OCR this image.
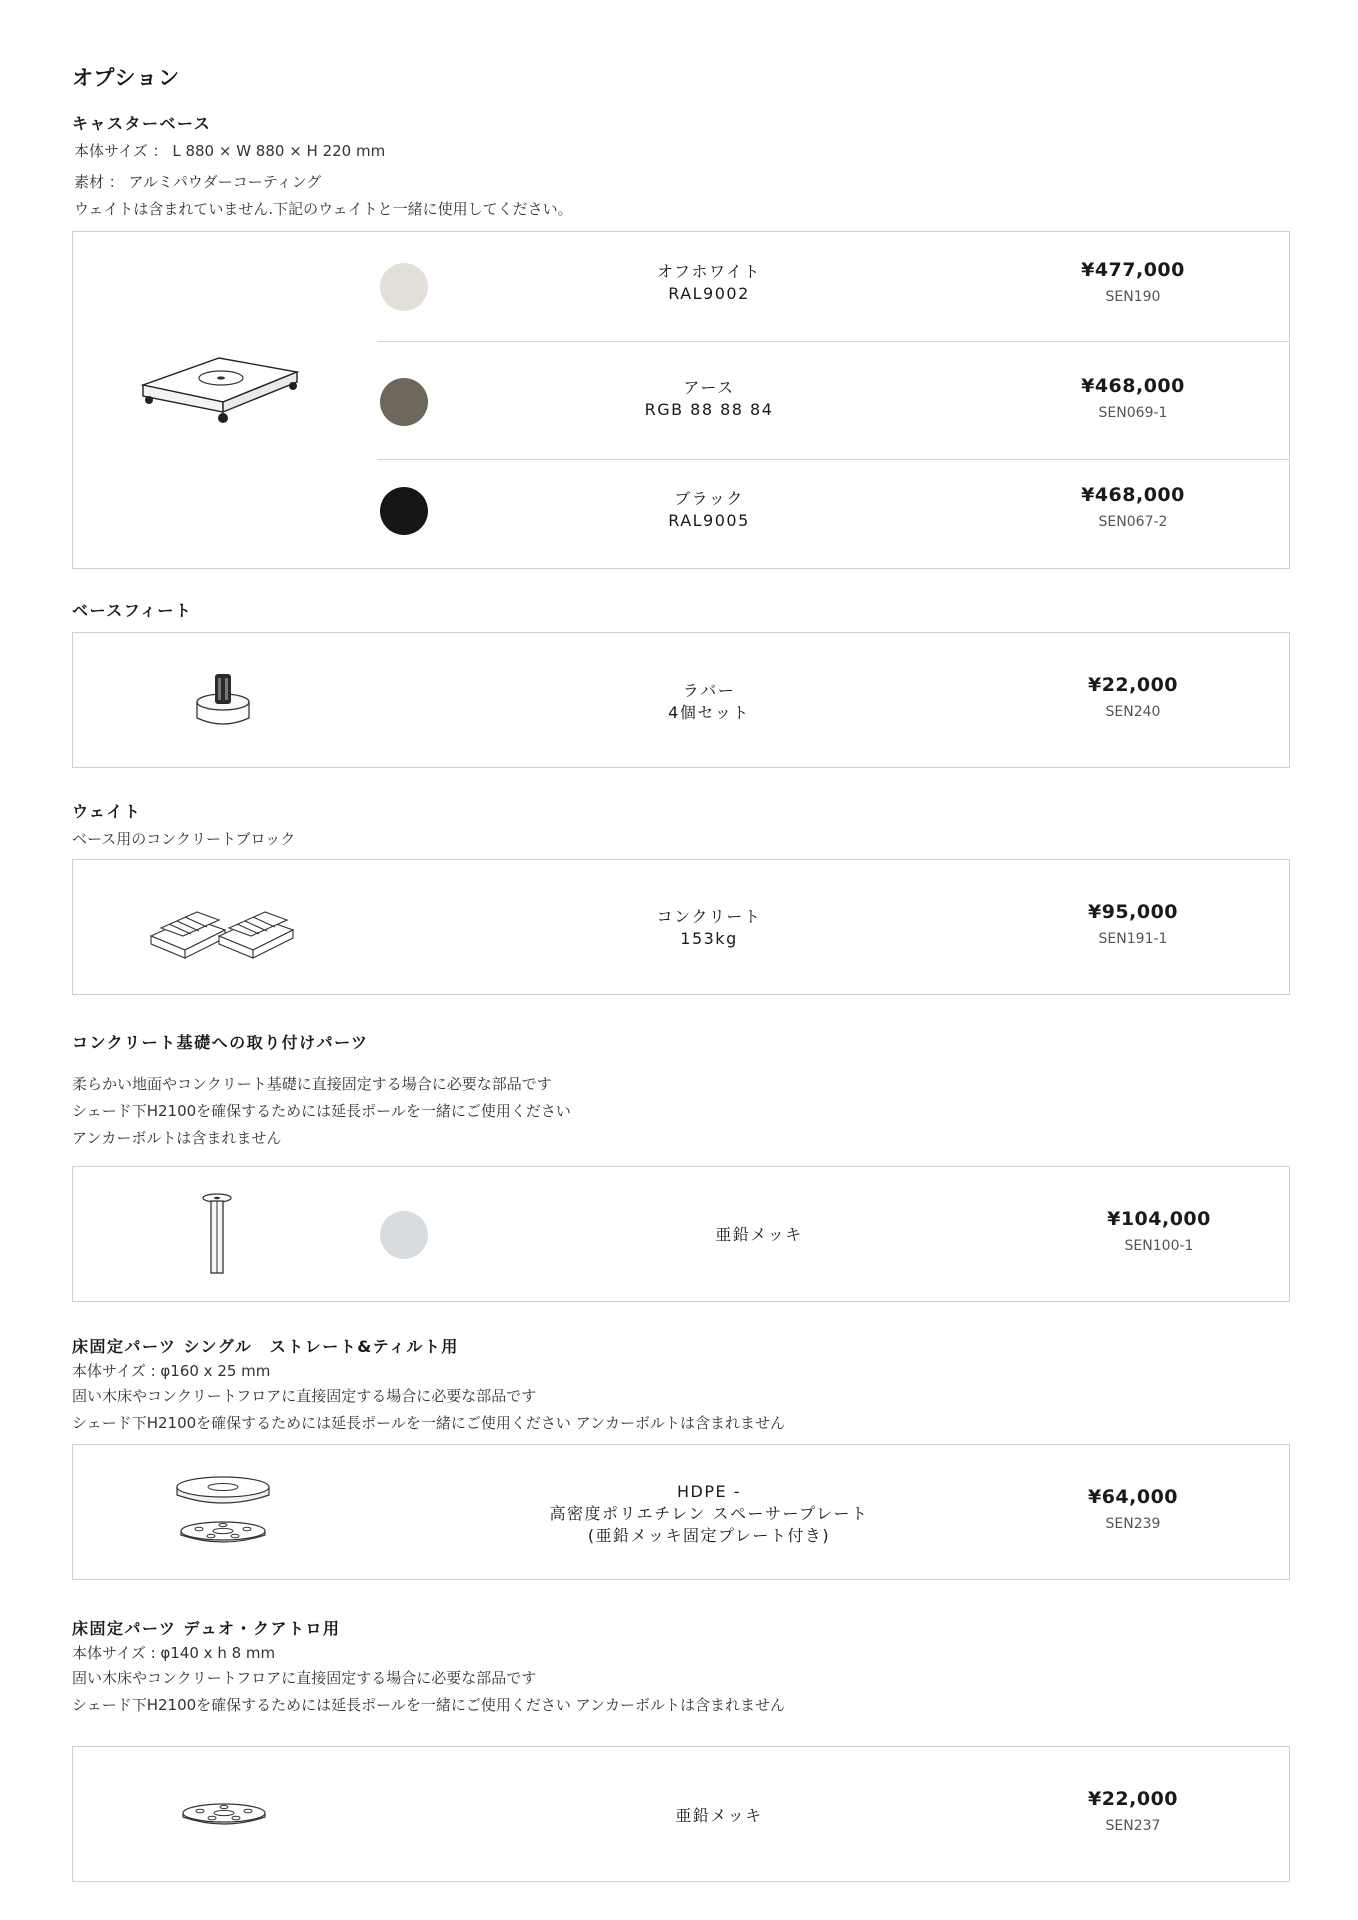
オプション
キャスターベース
本体サイズ ： L 880 × W 880 × H 220 mm
素材 ： アルミパウダーコーティング
ウェイトは含まれていません.下記のウェイトと一緒に使用してください。
オフホワイト
RAL9002
¥477,000
SEN190
アース
RGB 88 88 84
¥468,000
SEN069-1
ブラック
RAL9005
¥468,000
SEN067-2
ベースフィート
ラバー
4個セット
¥22,000
SEN240
ウェイト
ベース用のコンクリートブロック
コンクリート
153kg
¥95,000
SEN191-1
コンクリート基礎への取り付けパーツ
柔らかい地面やコンクリート基礎に直接固定する場合に必要な部品です
シェード下H2100を確保するためには延長ポールを一緒にご使用ください
アンカーボルトは含まれません
亜鉛メッキ
¥104,000
SEN100-1
床固定パーツ シングル　ストレート&ティルト用
本体サイズ : φ160 x 25 mm
固い木床やコンクリートフロアに直接固定する場合に必要な部品です
シェード下H2100を確保するためには延長ポールを一緒にご使用ください アンカーボルトは含まれません
HDPE -
高密度ポリエチレン スペーサープレート
(亜鉛メッキ固定プレート付き)
¥64,000
SEN239
床固定パーツ デュオ・クアトロ用
本体サイズ : φ140 x h 8 mm
固い木床やコンクリートフロアに直接固定する場合に必要な部品です
シェード下H2100を確保するためには延長ポールを一緒にご使用ください アンカーボルトは含まれません
亜鉛メッキ
¥22,000
SEN237
